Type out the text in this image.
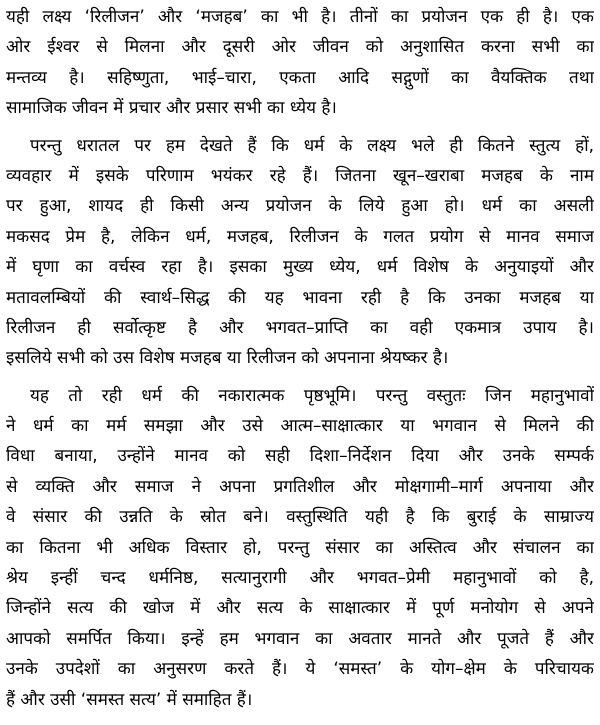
यही लक्ष्य ‘रिलीजन’ और ‘मजहब’ का भी है। तीनों का प्रयोजन एक ही है। एक
ओर ईश्वर से मिलना और दूसरी ओर जीवन को अनुशासित करना सभी का
मन्तव्य है। सहिष्णुता, भाई–चारा, एकता आदि सद्गुणों का वैयक्तिक तथा
सामाजिक जीवन में प्रचार और प्रसार सभी का ध्येय है।
परन्तु धरातल पर हम देखते हैं कि धर्म के लक्ष्य भले ही कितने स्तुत्य हों,
व्यवहार में इसके परिणाम भयंकर रहे हैं। जितना खून–खराबा मजहब के नाम
पर हुआ, शायद ही किसी अन्य प्रयोजन के लिये हुआ हो। धर्म का असली
मकसद प्रेम है, लेकिन धर्म, मजहब, रिलीजन के गलत प्रयोग से मानव समाज
में घृणा का वर्चस्व रहा है। इसका मुख्य ध्येय, धर्म विशेष के अनुयाइयों और
मतावलम्बियों की स्वार्थ–सिद्ध की यह भावना रही है कि उनका मजहब या
रिलीजन ही सर्वोत्कृष्ट है और भगवत–प्राप्ति का वही एकमात्र उपाय है।
इसलिये सभी को उस विशेष मजहब या रिलीजन को अपनाना श्रेयष्कर है।
यह तो रही धर्म की नकारात्मक पृष्ठभूमि। परन्तु वस्तुतः जिन महानुभावों
ने धर्म का मर्म समझा और उसे आत्म–साक्षात्कार या भगवान से मिलने की
विधा बनाया, उन्होंने मानव को सही दिशा–निर्देशन दिया और उनके सम्पर्क
से व्यक्ति और समाज ने अपना प्रगतिशील और मोक्षगामी–मार्ग अपनाया और
वे संसार की उन्नति के स्रोत बने। वस्तुस्थिति यही है कि बुराई के साम्राज्य
का कितना भी अधिक विस्तार हो, परन्तु संसार का अस्तित्व और संचालन का
श्रेय इन्हीं चन्द धर्मनिष्ठ, सत्यानुरागी और भगवत–प्रेमी महानुभावों को है,
जिन्होंने सत्य की खोज में और सत्य के साक्षात्कार में पूर्ण मनोयोग से अपने
आपको समर्पित किया। इन्हें हम भगवान का अवतार मानते और पूजते हैं और
उनके उपदेशों का अनुसरण करते हैं। ये ‘समस्त’ के योग–क्षेम के परिचायक
हैं और उसी ‘समस्त सत्य’ में समाहित हैं।
